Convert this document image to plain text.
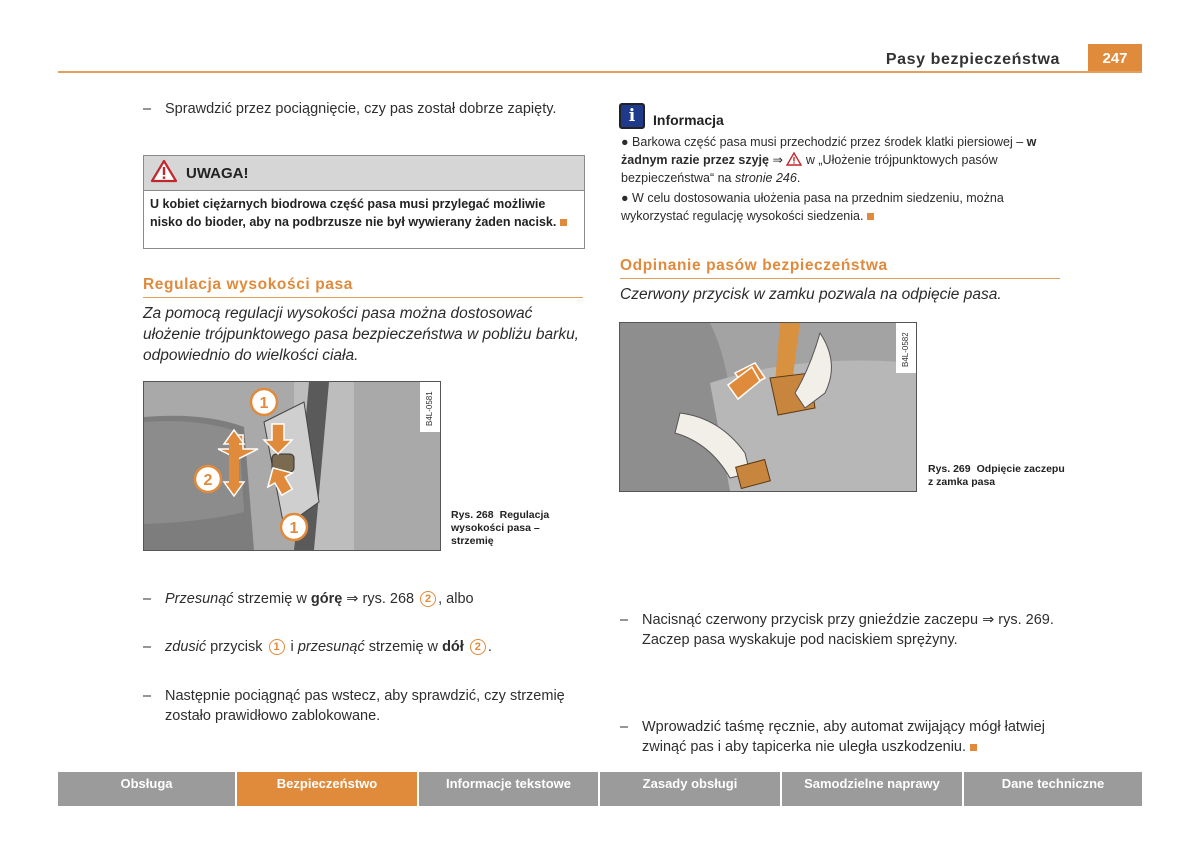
Pasy bezpieczeństwa	247
– Sprawdzić przez pociągnięcie, czy pas został dobrze zapięty.
UWAGA!
U kobiet ciężarnych biodrowa część pasa musi przylegać możliwie nisko do bioder, aby na podbrzusze nie był wywierany żaden nacisk.
Regulacja wysokości pasa
Za pomocą regulacji wysokości pasa można dostosować ułożenie trójpunktowego pasa bezpieczeństwa w pobliżu barku, odpowiednio do wielkości ciała.
1
2
1
B4L-0581
Rys. 268 Regulacja wysokości pasa – strzemię
– Przesunąć strzemię w górę ⇒ rys. 268 2 , albo
– zdusić przycisk 1 i przesunąć strzemię w dół 2 .
– Następnie pociągnąć pas wstecz, aby sprawdzić, czy strzemię zostało prawidłowo zablokowane.
i	Informacja
● Barkowa część pasa musi przechodzić przez środek klatki piersiowej – w żadnym razie przez szyję ⇒  w „Ułożenie trójpunktowych pasów bezpieczeństwa“ na stronie 246.
● W celu dostosowania ułożenia pasa na przednim siedzeniu, można wykorzystać regulację wysokości siedzenia.
Odpinanie pasów bezpieczeństwa
Czerwony przycisk w zamku pozwala na odpięcie pasa.
B4L-0582
Rys. 269 Odpięcie zaczepu z zamka pasa
– Nacisnąć czerwony przycisk przy gnieździe zaczepu ⇒ rys. 269. Zaczep pasa wyskakuje pod naciskiem sprężyny.
– Wprowadzić taśmę ręcznie, aby automat zwijający mógł łatwiej zwinąć pas i aby tapicerka nie uległa uszkodzeniu.
Obsługa	Bezpieczeństwo	Informacje tekstowe	Zasady obsługi	Samodzielne naprawy	Dane techniczne
